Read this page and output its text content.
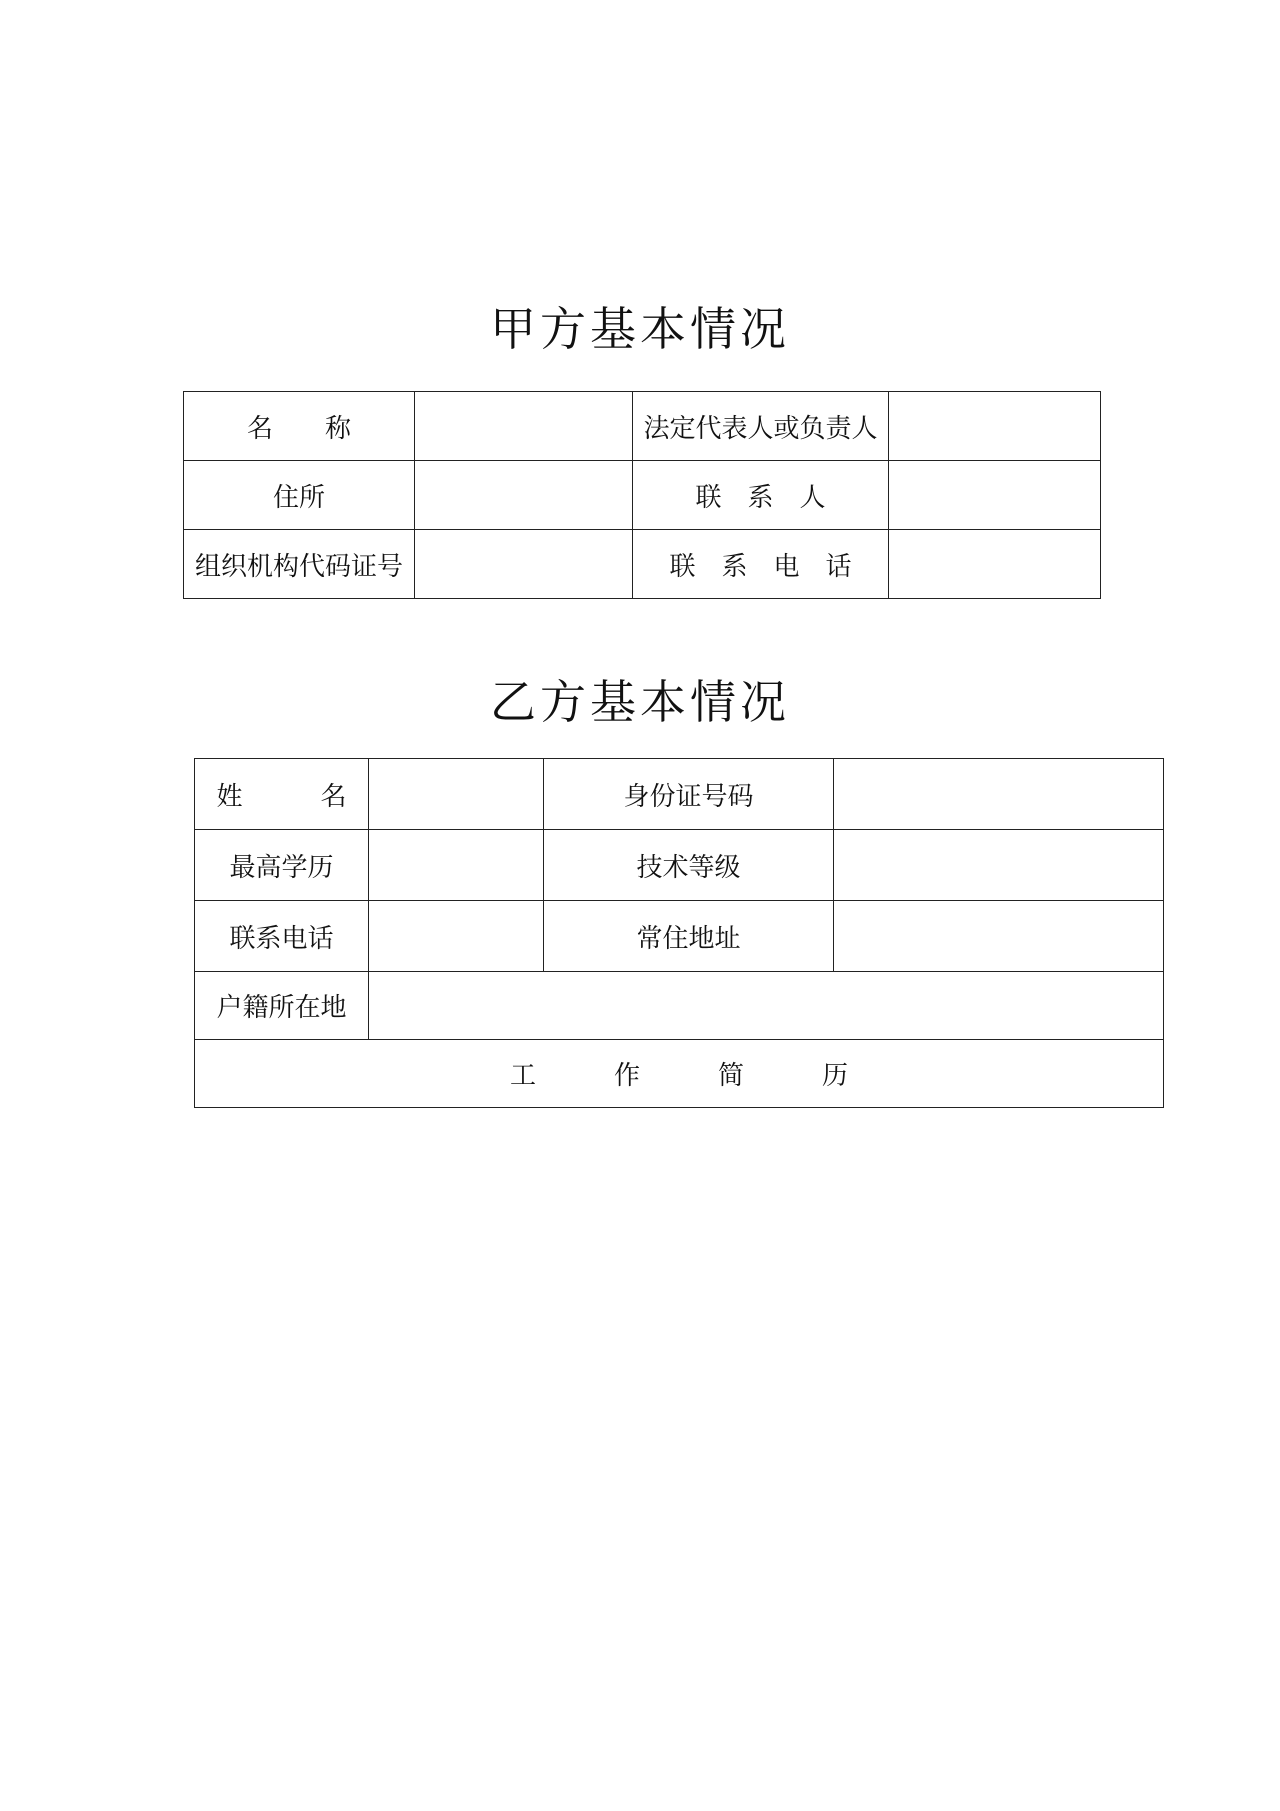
甲方基本情况
名　　称		法定代表人或负责人	
住所		联　系　人	
组织机构代码证号		联　系　电　话	
乙方基本情况
姓　　　名		身份证号码	
最高学历		技术等级	
联系电话		常住地址	
户籍所在地			
工　　　作　　　简　　　历			
